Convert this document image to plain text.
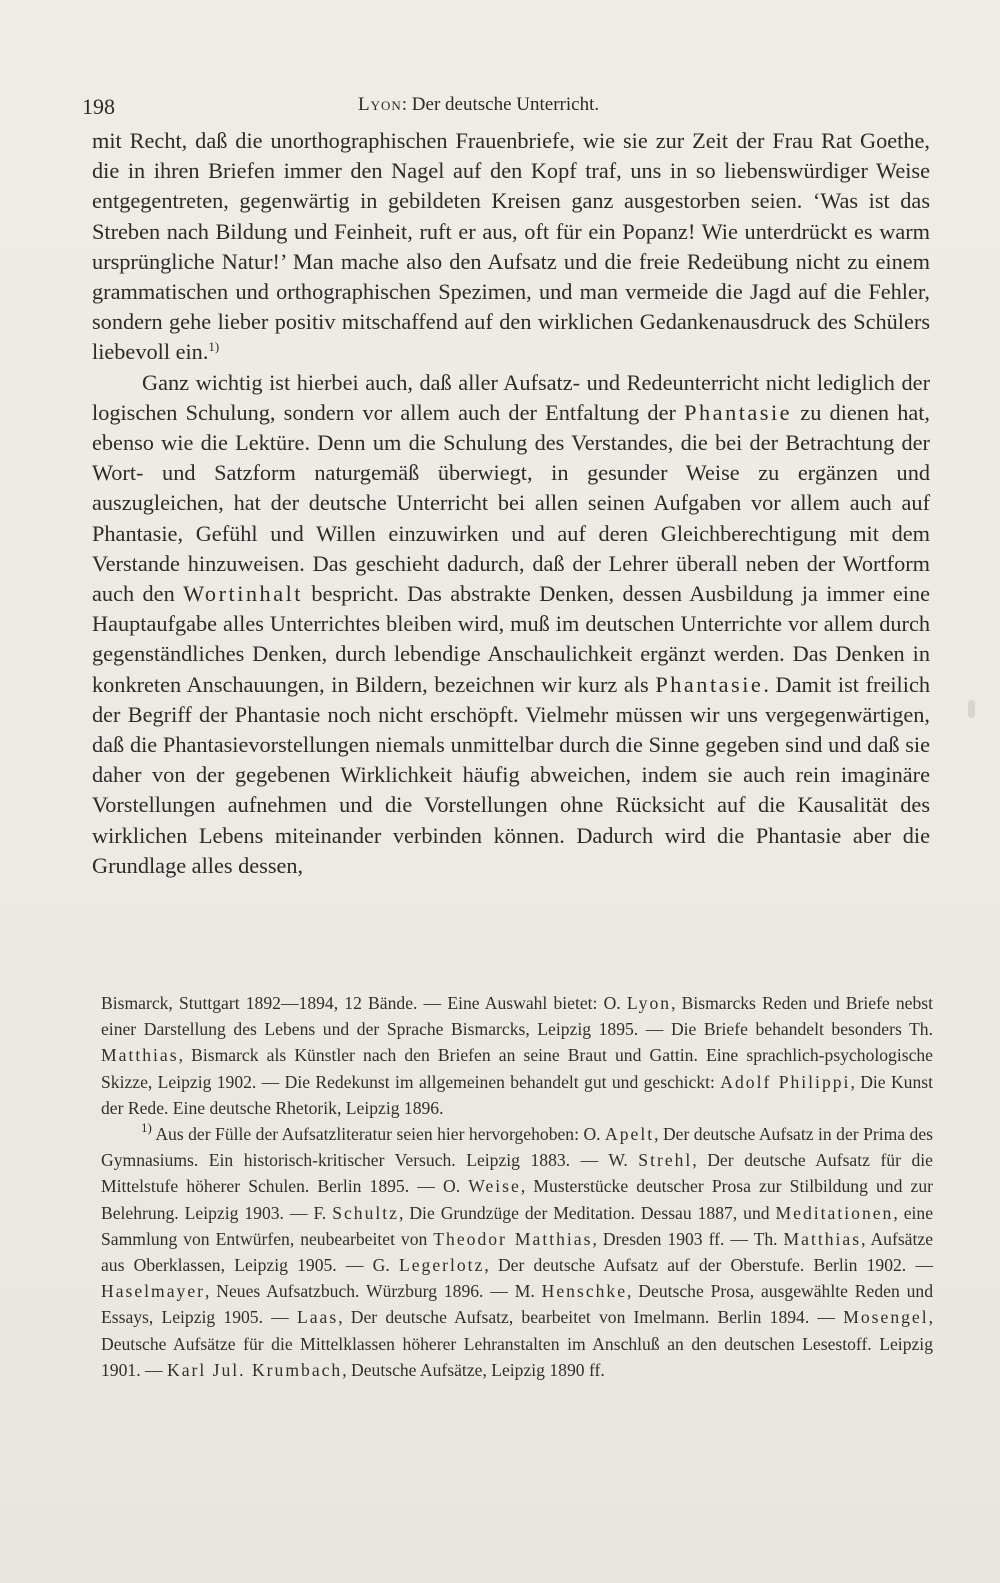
198	Lyon: Der deutsche Unterricht.

mit Recht, daß die unorthographischen Frauenbriefe, wie sie zur Zeit der Frau Rat Goethe, die in ihren Briefen immer den Nagel auf den Kopf traf, uns in so liebenswürdiger Weise entgegentreten, gegenwärtig in gebildeten Kreisen ganz ausgestorben seien. ‘Was ist das Streben nach Bildung und Feinheit, ruft er aus, oft für ein Popanz! Wie unterdrückt es warm ursprüngliche Natur!’ Man mache also den Aufsatz und die freie Redeübung nicht zu einem grammatischen und orthographischen Spezimen, und man vermeide die Jagd auf die Fehler, sondern gehe lieber positiv mitschaffend auf den wirklichen Gedankenausdruck des Schülers liebevoll ein.$^{1)}$

Ganz wichtig ist hierbei auch, daß aller Aufsatz- und Redeunterricht nicht lediglich der logischen Schulung, sondern vor allem auch der Entfaltung der Phantasie zu dienen hat, ebenso wie die Lektüre. Denn um die Schulung des Verstandes, die bei der Betrachtung der Wort- und Satzform naturgemäß überwiegt, in gesunder Weise zu ergänzen und auszugleichen, hat der deutsche Unterricht bei allen seinen Aufgaben vor allem auch auf Phantasie, Gefühl und Willen einzuwirken und auf deren Gleichberechtigung mit dem Verstande hinzuweisen. Das geschieht dadurch, daß der Lehrer überall neben der Wortform auch den Wortinhalt bespricht. Das abstrakte Denken, dessen Ausbildung ja immer eine Hauptaufgabe alles Unterrichtes bleiben wird, muß im deutschen Unterrichte vor allem durch gegenständliches Denken, durch lebendige Anschaulichkeit ergänzt werden. Das Denken in konkreten Anschauungen, in Bildern, bezeichnen wir kurz als Phantasie. Damit ist freilich der Begriff der Phantasie noch nicht erschöpft. Vielmehr müssen wir uns vergegenwärtigen, daß die Phantasievorstellungen niemals unmittelbar durch die Sinne gegeben sind und daß sie daher von der gegebenen Wirklichkeit häufig abweichen, indem sie auch rein imaginäre Vorstellungen aufnehmen und die Vorstellungen ohne Rücksicht auf die Kausalität des wirklichen Lebens miteinander verbinden können. Dadurch wird die Phantasie aber die Grundlage alles dessen,

Bismarck, Stuttgart 1892—1894, 12 Bände. — Eine Auswahl bietet: O. Lyon, Bismarcks Reden und Briefe nebst einer Darstellung des Lebens und der Sprache Bismarcks, Leipzig 1895. — Die Briefe behandelt besonders Th. Matthias, Bismarck als Künstler nach den Briefen an seine Braut und Gattin. Eine sprachlich-psychologische Skizze, Leipzig 1902. — Die Redekunst im allgemeinen behandelt gut und geschickt: Adolf Philippi, Die Kunst der Rede. Eine deutsche Rhetorik, Leipzig 1896.

$^{1)}$ Aus der Fülle der Aufsatzliteratur seien hier hervorgehoben: O. Apelt, Der deutsche Aufsatz in der Prima des Gymnasiums. Ein historisch-kritischer Versuch. Leipzig 1883. — W. Strehl, Der deutsche Aufsatz für die Mittelstufe höherer Schulen. Berlin 1895. — O. Weise, Musterstücke deutscher Prosa zur Stilbildung und zur Belehrung. Leipzig 1903. — F. Schultz, Die Grundzüge der Meditation. Dessau 1887, und Meditationen, eine Sammlung von Entwürfen, neubearbeitet von Theodor Matthias, Dresden 1903 ff. — Th. Matthias, Aufsätze aus Oberklassen, Leipzig 1905. — G. Legerlotz, Der deutsche Aufsatz auf der Oberstufe. Berlin 1902. — Haselmayer, Neues Aufsatzbuch. Würzburg 1896. — M. Henschke, Deutsche Prosa, ausgewählte Reden und Essays, Leipzig 1905. — Laas, Der deutsche Aufsatz, bearbeitet von Imelmann. Berlin 1894. — Mosengel, Deutsche Aufsätze für die Mittelklassen höherer Lehranstalten im Anschluß an den deutschen Lesestoff. Leipzig 1901. — Karl Jul. Krumbach, Deutsche Aufsätze, Leipzig 1890 ff.
